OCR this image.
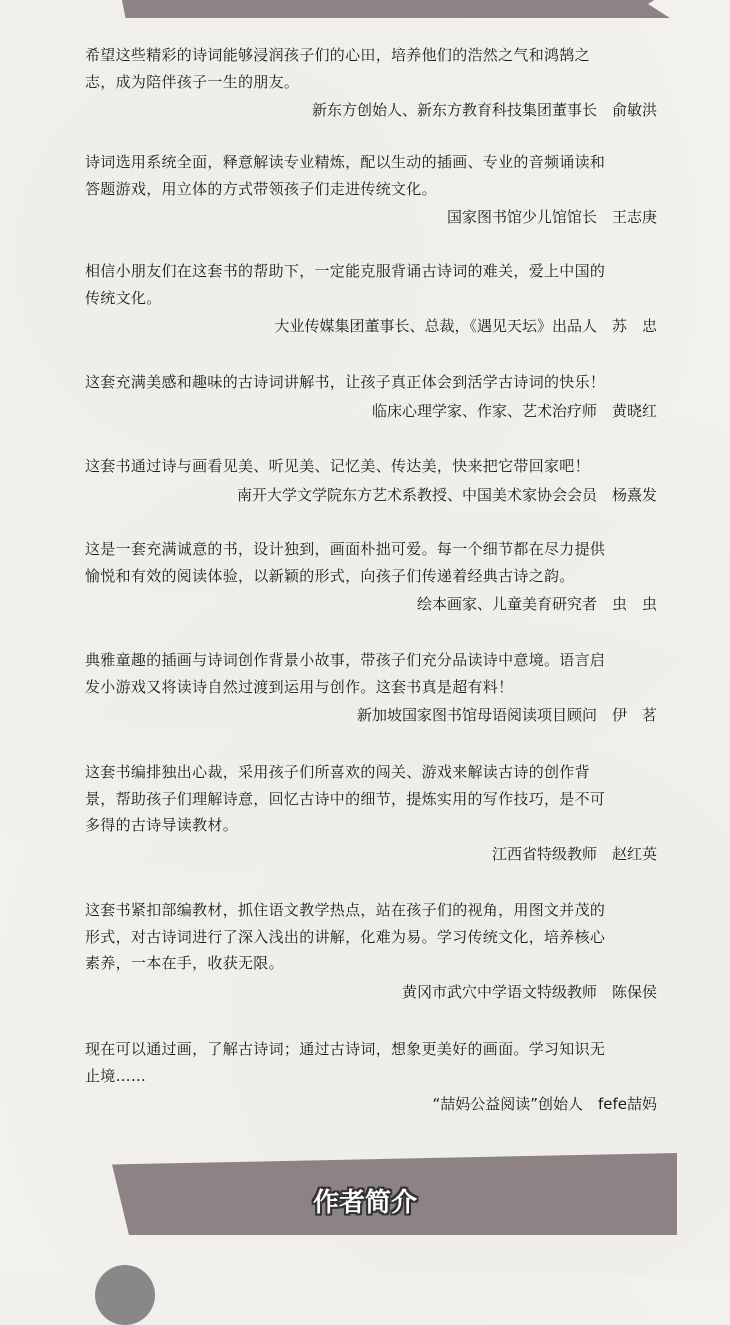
希望这些精彩的诗词能够浸润孩子们的心田，培养他们的浩然之气和鸿鹄之

志，成为陪伴孩子一生的朋友。

新东方创始人、新东方教育科技集团董事长　俞敏洪

诗词选用系统全面，释意解读专业精炼，配以生动的插画、专业的音频诵读和

答题游戏，用立体的方式带领孩子们走进传统文化。

国家图书馆少儿馆馆长　王志庚

相信小朋友们在这套书的帮助下，一定能克服背诵古诗词的难关，爱上中国的

传统文化。

大业传媒集团董事长、总裁，《遇见天坛》出品人　苏　忠

这套充满美感和趣味的古诗词讲解书，让孩子真正体会到活学古诗词的快乐！

临床心理学家、作家、艺术治疗师　黄晓红

这套书通过诗与画看见美、听见美、记忆美、传达美，快来把它带回家吧！

南开大学文学院东方艺术系教授、中国美术家协会会员　杨熹发

这是一套充满诚意的书，设计独到，画面朴拙可爱。每一个细节都在尽力提供

愉悦和有效的阅读体验，以新颖的形式，向孩子们传递着经典古诗之韵。

绘本画家、儿童美育研究者　虫　虫

典雅童趣的插画与诗词创作背景小故事，带孩子们充分品读诗中意境。语言启

发小游戏又将读诗自然过渡到运用与创作。这套书真是超有料！

新加坡国家图书馆母语阅读项目顾问　伊　茗

这套书编排独出心裁，采用孩子们所喜欢的闯关、游戏来解读古诗的创作背

景，帮助孩子们理解诗意，回忆古诗中的细节，提炼实用的写作技巧，是不可

多得的古诗导读教材。

江西省特级教师　赵红英

这套书紧扣部编教材，抓住语文教学热点，站在孩子们的视角，用图文并茂的

形式，对古诗词进行了深入浅出的讲解，化难为易。学习传统文化，培养核心

素养，一本在手，收获无限。

黄冈市武穴中学语文特级教师　陈保侯

现在可以通过画，了解古诗词；通过古诗词，想象更美好的画面。学习知识无

止境……

“喆妈公益阅读”创始人　fefe喆妈
作者简介
